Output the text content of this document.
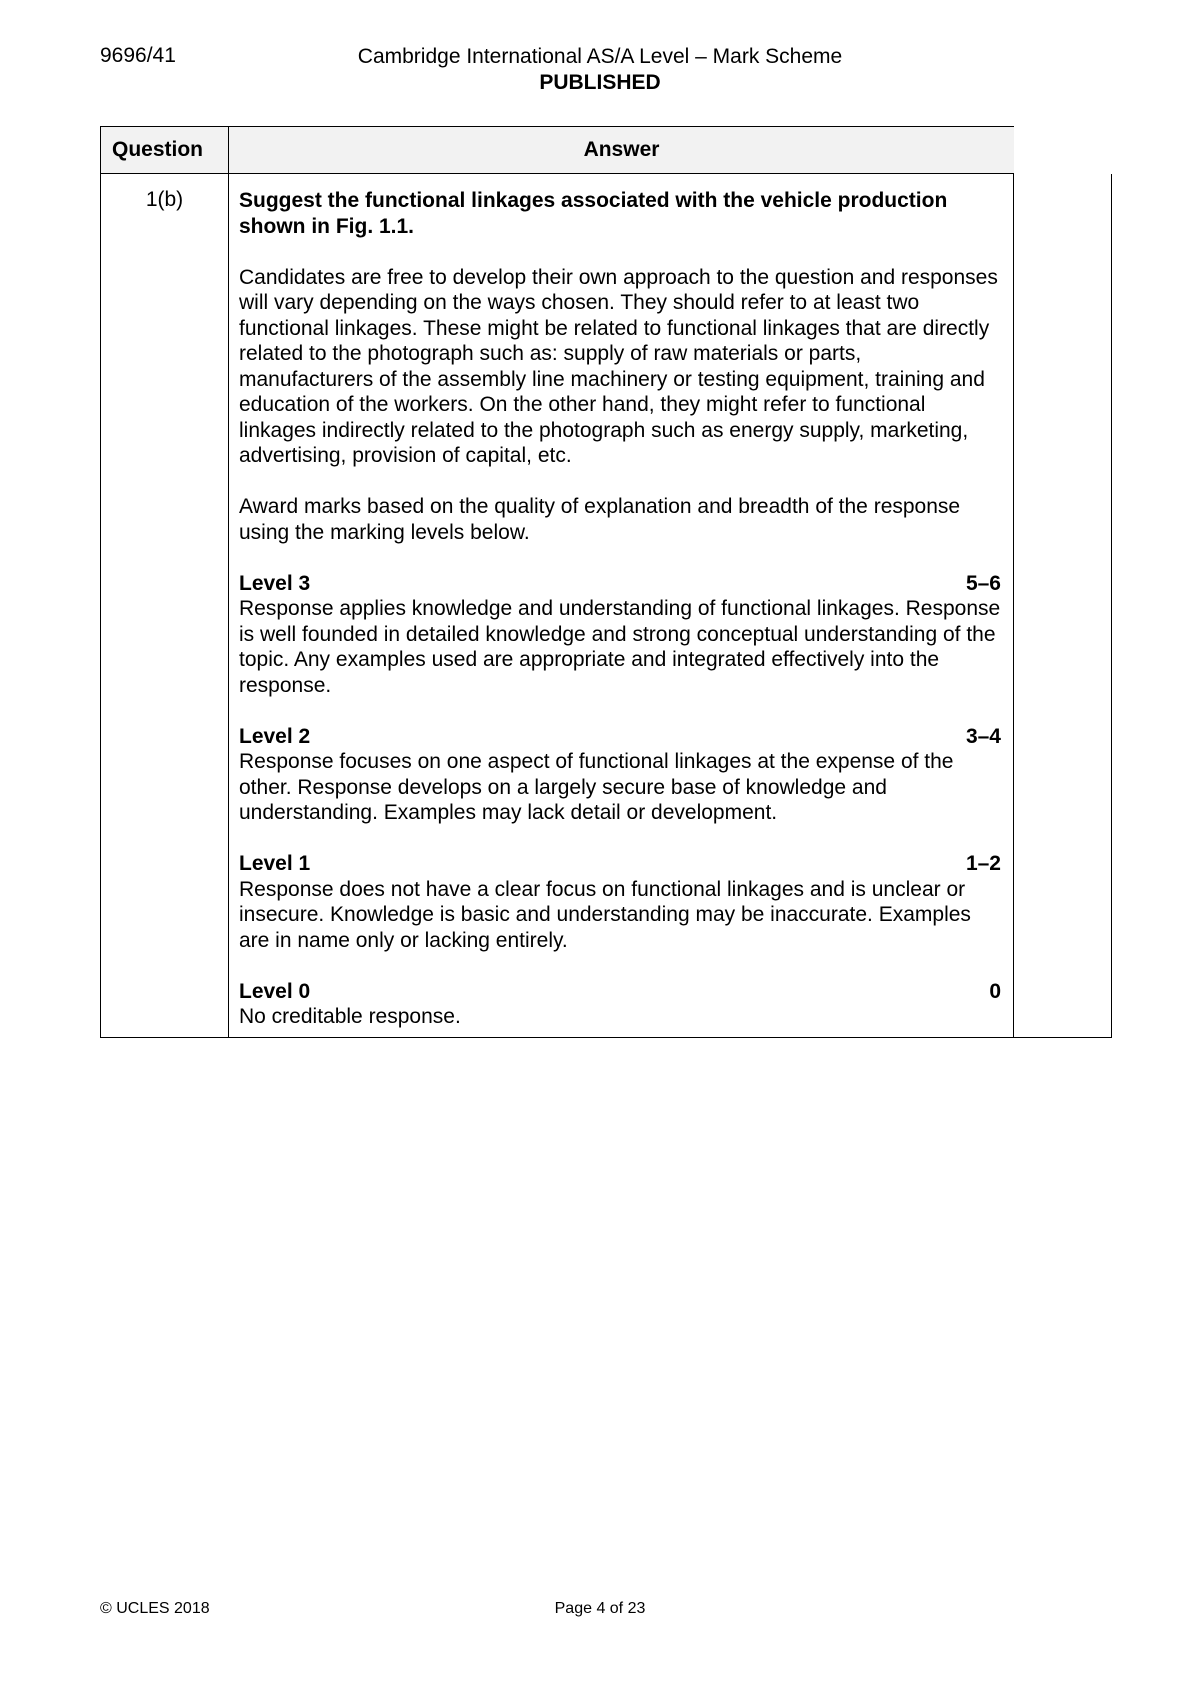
9696/41	Cambridge International AS/A Level – Mark Scheme
PUBLISHED
Question	Answer
1(b)	Suggest the functional linkages associated with the vehicle production shown in Fig. 1.1.

Candidates are free to develop their own approach to the question and responses will vary depending on the ways chosen. They should refer to at least two functional linkages. These might be related to functional linkages that are directly related to the photograph such as: supply of raw materials or parts, manufacturers of the assembly line machinery or testing equipment, training and education of the workers. On the other hand, they might refer to functional linkages indirectly related to the photograph such as energy supply, marketing, advertising, provision of capital, etc.

Award marks based on the quality of explanation and breadth of the response using the marking levels below.

Level 3	5–6
Response applies knowledge and understanding of functional linkages. Response is well founded in detailed knowledge and strong conceptual understanding of the topic. Any examples used are appropriate and integrated effectively into the response.
Level 2	3–4
Response focuses on one aspect of functional linkages at the expense of the other. Response develops on a largely secure base of knowledge and understanding. Examples may lack detail or development.
Level 1	1–2
Response does not have a clear focus on functional linkages and is unclear or insecure. Knowledge is basic and understanding may be inaccurate. Examples are in name only or lacking entirely.
Level 0	0
No creditable response.
© UCLES 2018	Page 4 of 23
